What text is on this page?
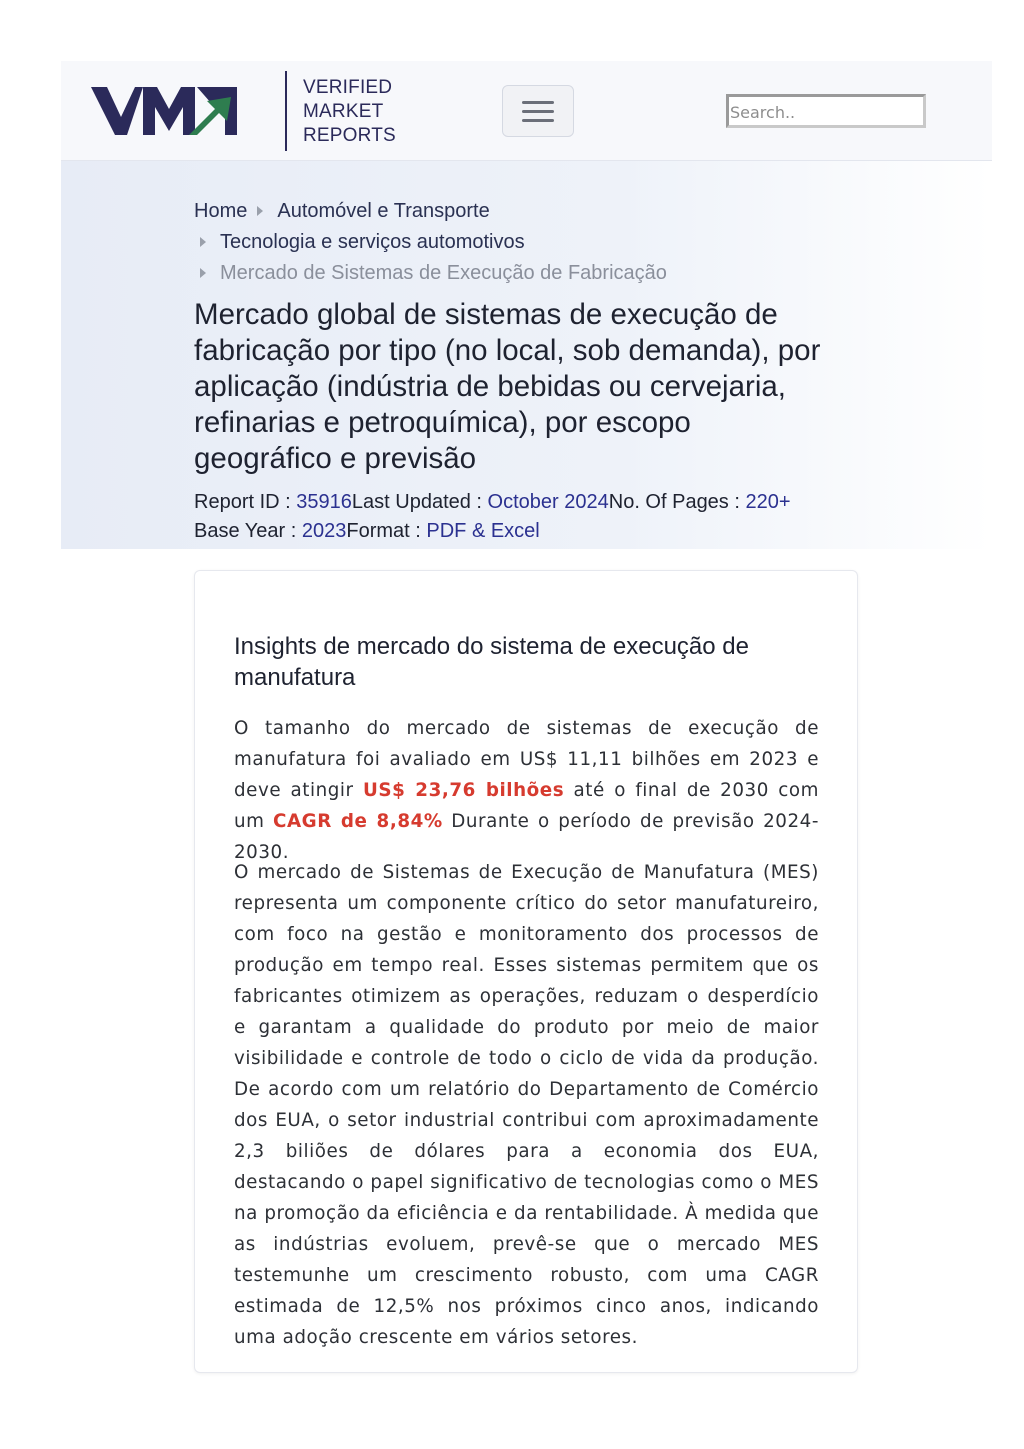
VERIFIED
MARKET
REPORTS
Search..
Home Automóvel e Transporte
Tecnologia e serviços automotivos
Mercado de Sistemas de Execução de Fabricação
Mercado global de sistemas de execução de fabricação por tipo (no local, sob demanda), por aplicação (indústria de bebidas ou cervejaria, refinarias e petroquímica), por escopo geográfico e previsão
Report ID : 35916Last Updated : October 2024No. Of Pages : 220+
Base Year : 2023Format : PDF & Excel
Insights de mercado do sistema de execução de manufatura

O tamanho do mercado de sistemas de execução de manufatura foi avaliado em US$ 11,11 bilhões em 2023 e deve atingir US$ 23,76 bilhões até o final de 2030 com um CAGR de 8,84% Durante o período de previsão 2024-2030.

O mercado de Sistemas de Execução de Manufatura (MES) representa um componente crítico do setor manufatureiro, com foco na gestão e monitoramento dos processos de produção em tempo real. Esses sistemas permitem que os fabricantes otimizem as operações, reduzam o desperdício e garantam a qualidade do produto por meio de maior visibilidade e controle de todo o ciclo de vida da produção. De acordo com um relatório do Departamento de Comércio dos EUA, o setor industrial contribui com aproximadamente 2,3 biliões de dólares para a economia dos EUA, destacando o papel significativo de tecnologias como o MES na promoção da eficiência e da rentabilidade. À medida que as indústrias evoluem, prevê-se que o mercado MES testemunhe um crescimento robusto, com uma CAGR estimada de 12,5% nos próximos cinco anos, indicando uma adoção crescente em vários setores.
